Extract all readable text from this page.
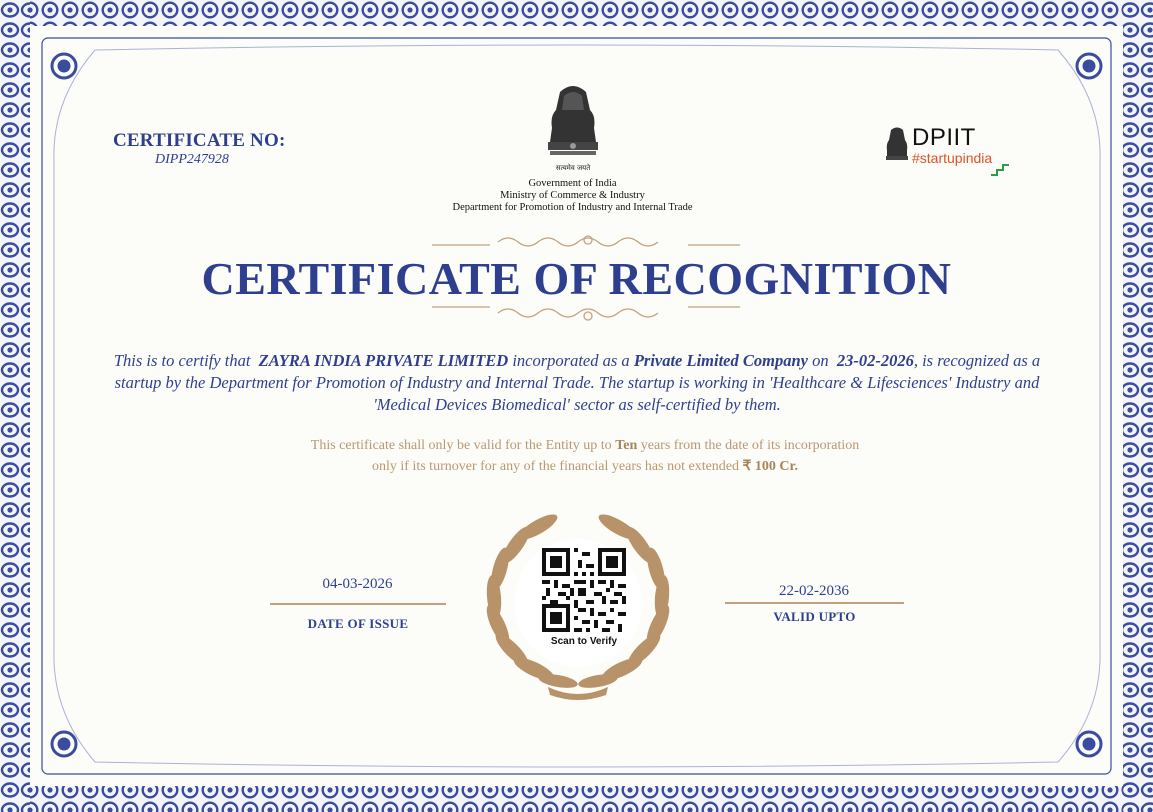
CERTIFICATE NO:
DIPP247928
सत्यमेव जयते
Government of India
Ministry of Commerce & Industry
Department for Promotion of Industry and Internal Trade
DPIIT
#startupindia
CERTIFICATE OF RECOGNITION
This is to certify that ZAYRA INDIA PRIVATE LIMITED incorporated as a Private Limited Company on 23-02-2026, is recognized as a startup by the Department for Promotion of Industry and Internal Trade. The startup is working in 'Healthcare & Lifesciences' Industry and 'Medical Devices Biomedical' sector as self-certified by them.
This certificate shall only be valid for the Entity up to Ten years from the date of its incorporation
only if its turnover for any of the financial years has not extended ₹ 100 Cr.
04-03-2026
DATE OF ISSUE
22-02-2036
VALID UPTO
Scan to Verify
